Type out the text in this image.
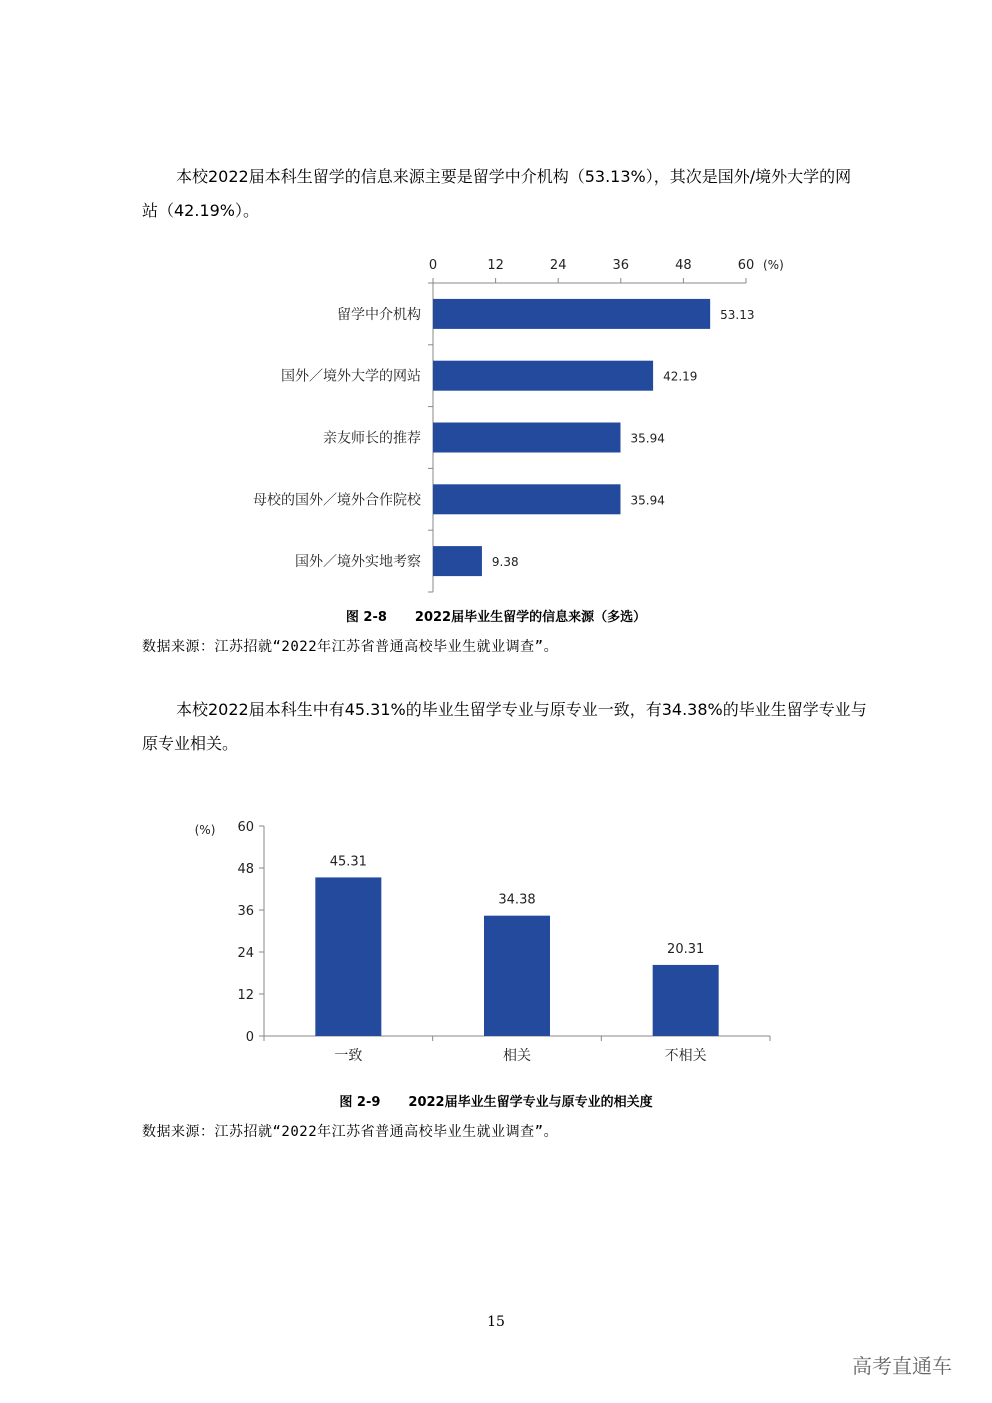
本校2022届本科生留学的信息来源主要是留学中介机构（53.13%），其次是国外/境外大学的网站（42.19%）。
0	12	24	36	48	60 (%)
53.13
留学中介机构
42.19
国外／境外大学的网站
35.94
亲友师长的推荐
35.94
母校的国外／境外合作院校
9.38
国外／境外实地考察
图 2-8 2022届毕业生留学的信息来源（多选）
数据来源：江苏招就“2022年江苏省普通高校毕业生就业调查”。
本校2022届本科生中有45.31%的毕业生留学专业与原专业一致，有34.38%的毕业生留学专业与原专业相关。
0
12
24
36
48
60
(%)
45.31
一致
34.38
相关
20.31
不相关
图 2-9 2022届毕业生留学专业与原专业的相关度
数据来源：江苏招就“2022年江苏省普通高校毕业生就业调查”。
15
高考直通车
